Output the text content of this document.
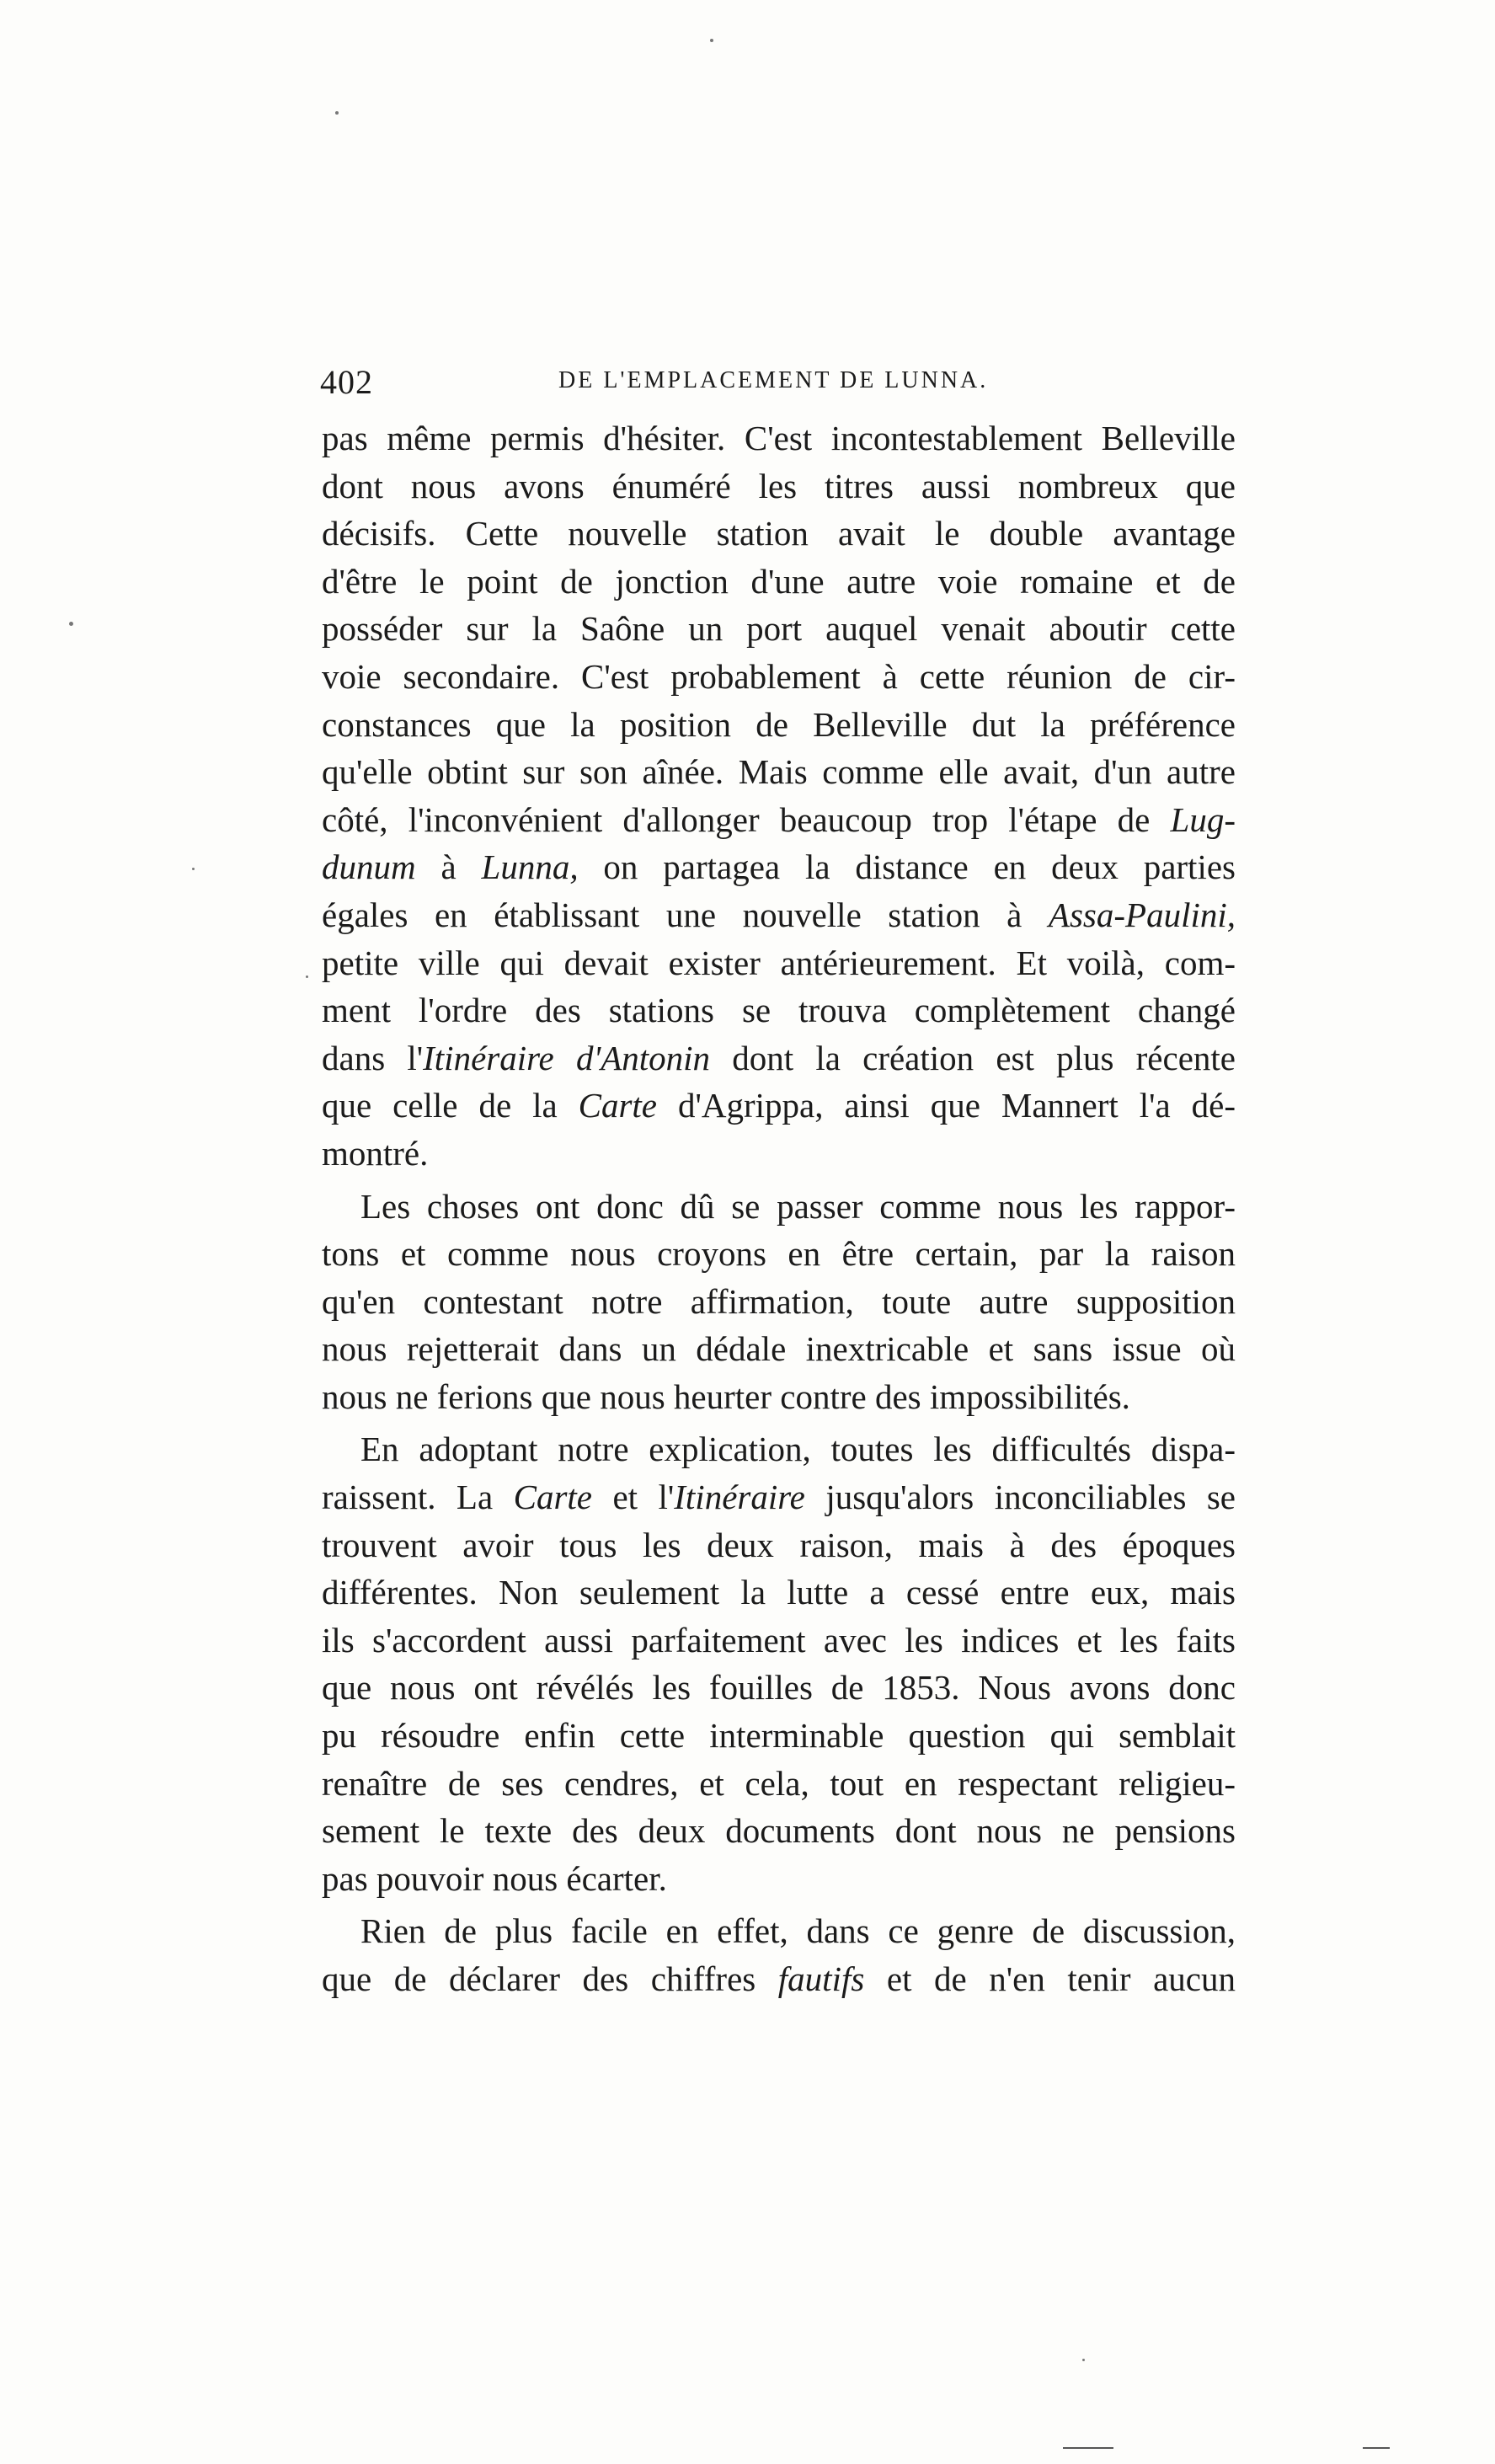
402	DE L'EMPLACEMENT DE LUNNA.
pas même permis d'hésiter. C'est incontestablement Belleville
dont nous avons énuméré les titres aussi nombreux que
décisifs. Cette nouvelle station avait le double avantage
d'être le point de jonction d'une autre voie romaine et de
posséder sur la Saône un port auquel venait aboutir cette
voie secondaire. C'est probablement à cette réunion de cir-
constances que la position de Belleville dut la préférence
qu'elle obtint sur son aînée. Mais comme elle avait, d'un autre
côté, l'inconvénient d'allonger beaucoup trop l'étape de Lug-
dunum à Lunna, on partagea la distance en deux parties
égales en établissant une nouvelle station à Assa-Paulini,
petite ville qui devait exister antérieurement. Et voilà, com-
ment l'ordre des stations se trouva complètement changé
dans l'Itinéraire d'Antonin dont la création est plus récente
que celle de la Carte d'Agrippa, ainsi que Mannert l'a dé-
montré.
Les choses ont donc dû se passer comme nous les rappor-
tons et comme nous croyons en être certain, par la raison
qu'en contestant notre affirmation, toute autre supposition
nous rejetterait dans un dédale inextricable et sans issue où
nous ne ferions que nous heurter contre des impossibilités.
En adoptant notre explication, toutes les difficultés dispa-
raissent. La Carte et l'Itinéraire jusqu'alors inconciliables se
trouvent avoir tous les deux raison, mais à des époques
différentes. Non seulement la lutte a cessé entre eux, mais
ils s'accordent aussi parfaitement avec les indices et les faits
que nous ont révélés les fouilles de 1853. Nous avons donc
pu résoudre enfin cette interminable question qui semblait
renaître de ses cendres, et cela, tout en respectant religieu-
sement le texte des deux documents dont nous ne pensions
pas pouvoir nous écarter.
Rien de plus facile en effet, dans ce genre de discussion,
que de déclarer des chiffres fautifs et de n'en tenir aucun
